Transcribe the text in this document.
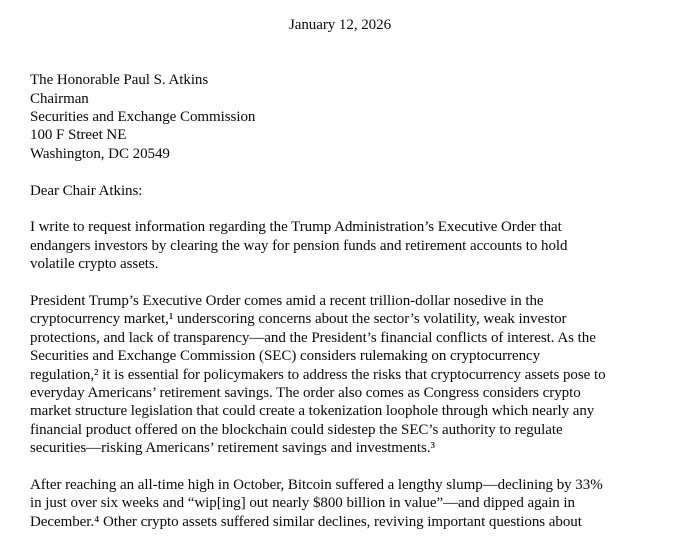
January 12, 2026
The Honorable Paul S. Atkins
Chairman
Securities and Exchange Commission
100 F Street NE
Washington, DC 20549
Dear Chair Atkins:
I write to request information regarding the Trump Administration’s Executive Order that
endangers investors by clearing the way for pension funds and retirement accounts to hold
volatile crypto assets.
President Trump’s Executive Order comes amid a recent trillion-dollar nosedive in the
cryptocurrency market,¹ underscoring concerns about the sector’s volatility, weak investor
protections, and lack of transparency—and the President’s financial conflicts of interest. As the
Securities and Exchange Commission (SEC) considers rulemaking on cryptocurrency
regulation,² it is essential for policymakers to address the risks that cryptocurrency assets pose to
everyday Americans’ retirement savings. The order also comes as Congress considers crypto
market structure legislation that could create a tokenization loophole through which nearly any
financial product offered on the blockchain could sidestep the SEC’s authority to regulate
securities—risking Americans’ retirement savings and investments.³
After reaching an all-time high in October, Bitcoin suffered a lengthy slump—declining by 33%
in just over six weeks and “wip[ing] out nearly $800 billion in value”—and dipped again in
December.⁴ Other crypto assets suffered similar declines, reviving important questions about
